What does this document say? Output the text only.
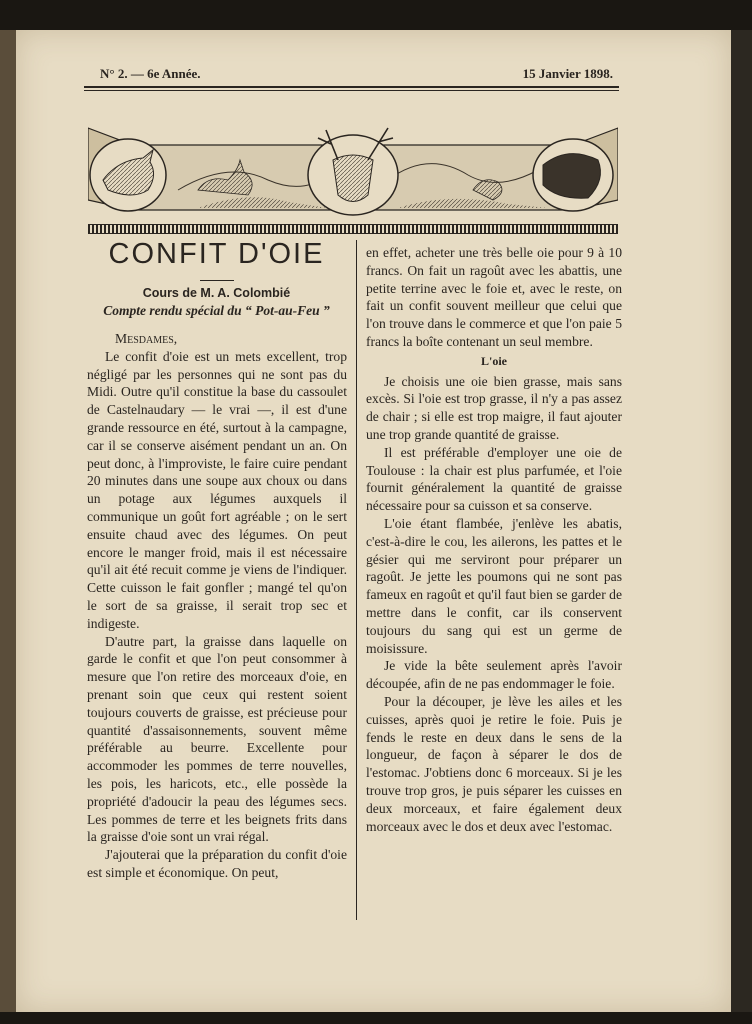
N° 2. — 6e Année.	15 Janvier 1898.
CONFIT D'OIE
Cours de M. A. Colombié
Compte rendu spécial du “ Pot-au-Feu ”

Mesdames,

Le confit d'oie est un mets excellent, trop négligé par les personnes qui ne sont pas du Midi. Outre qu'il constitue la base du cassoulet de Castelnaudary — le vrai —, il est d'une grande ressource en été, surtout à la campagne, car il se conserve aisément pendant un an. On peut donc, à l'improviste, le faire cuire pendant 20 minutes dans une soupe aux choux ou dans un potage aux légumes auxquels il communique un goût fort agréable ; on le sert ensuite chaud avec des légumes. On peut encore le manger froid, mais il est nécessaire qu'il ait été recuit comme je viens de l'indiquer. Cette cuisson le fait gonfler ; mangé tel qu'on le sort de sa graisse, il serait trop sec et indigeste.

D'autre part, la graisse dans laquelle on garde le confit et que l'on peut consommer à mesure que l'on retire des morceaux d'oie, en prenant soin que ceux qui restent soient toujours couverts de graisse, est précieuse pour quantité d'assaisonnements, souvent même préférable au beurre. Excellente pour accommoder les pommes de terre nouvelles, les pois, les haricots, etc., elle possède la propriété d'adoucir la peau des légumes secs. Les pommes de terre et les beignets frits dans la graisse d'oie sont un vrai régal.

J'ajouterai que la préparation du confit d'oie est simple et économique. On peut,

en effet, acheter une très belle oie pour 9 à 10 francs. On fait un ragoût avec les abattis, une petite terrine avec le foie et, avec le reste, on fait un confit souvent meilleur que celui que l'on trouve dans le commerce et que l'on paie 5 francs la boîte contenant un seul membre.

L'oie

Je choisis une oie bien grasse, mais sans excès. Si l'oie est trop grasse, il n'y a pas assez de chair ; si elle est trop maigre, il faut ajouter une trop grande quantité de graisse.

Il est préférable d'employer une oie de Toulouse : la chair est plus parfumée, et l'oie fournit généralement la quantité de graisse nécessaire pour sa cuisson et sa conserve.

L'oie étant flambée, j'enlève les abatis, c'est-à-dire le cou, les ailerons, les pattes et le gésier qui me serviront pour préparer un ragoût. Je jette les poumons qui ne sont pas fameux en ragoût et qu'il faut bien se garder de mettre dans le confit, car ils conservent toujours du sang qui est un germe de moisissure.

Je vide la bête seulement après l'avoir découpée, afin de ne pas endommager le foie.

Pour la découper, je lève les ailes et les cuisses, après quoi je retire le foie. Puis je fends le reste en deux dans le sens de la longueur, de façon à séparer le dos de l'estomac. J'obtiens donc 6 morceaux. Si je les trouve trop gros, je puis séparer les cuisses en deux morceaux, et faire également deux morceaux avec le dos et deux avec l'estomac.
